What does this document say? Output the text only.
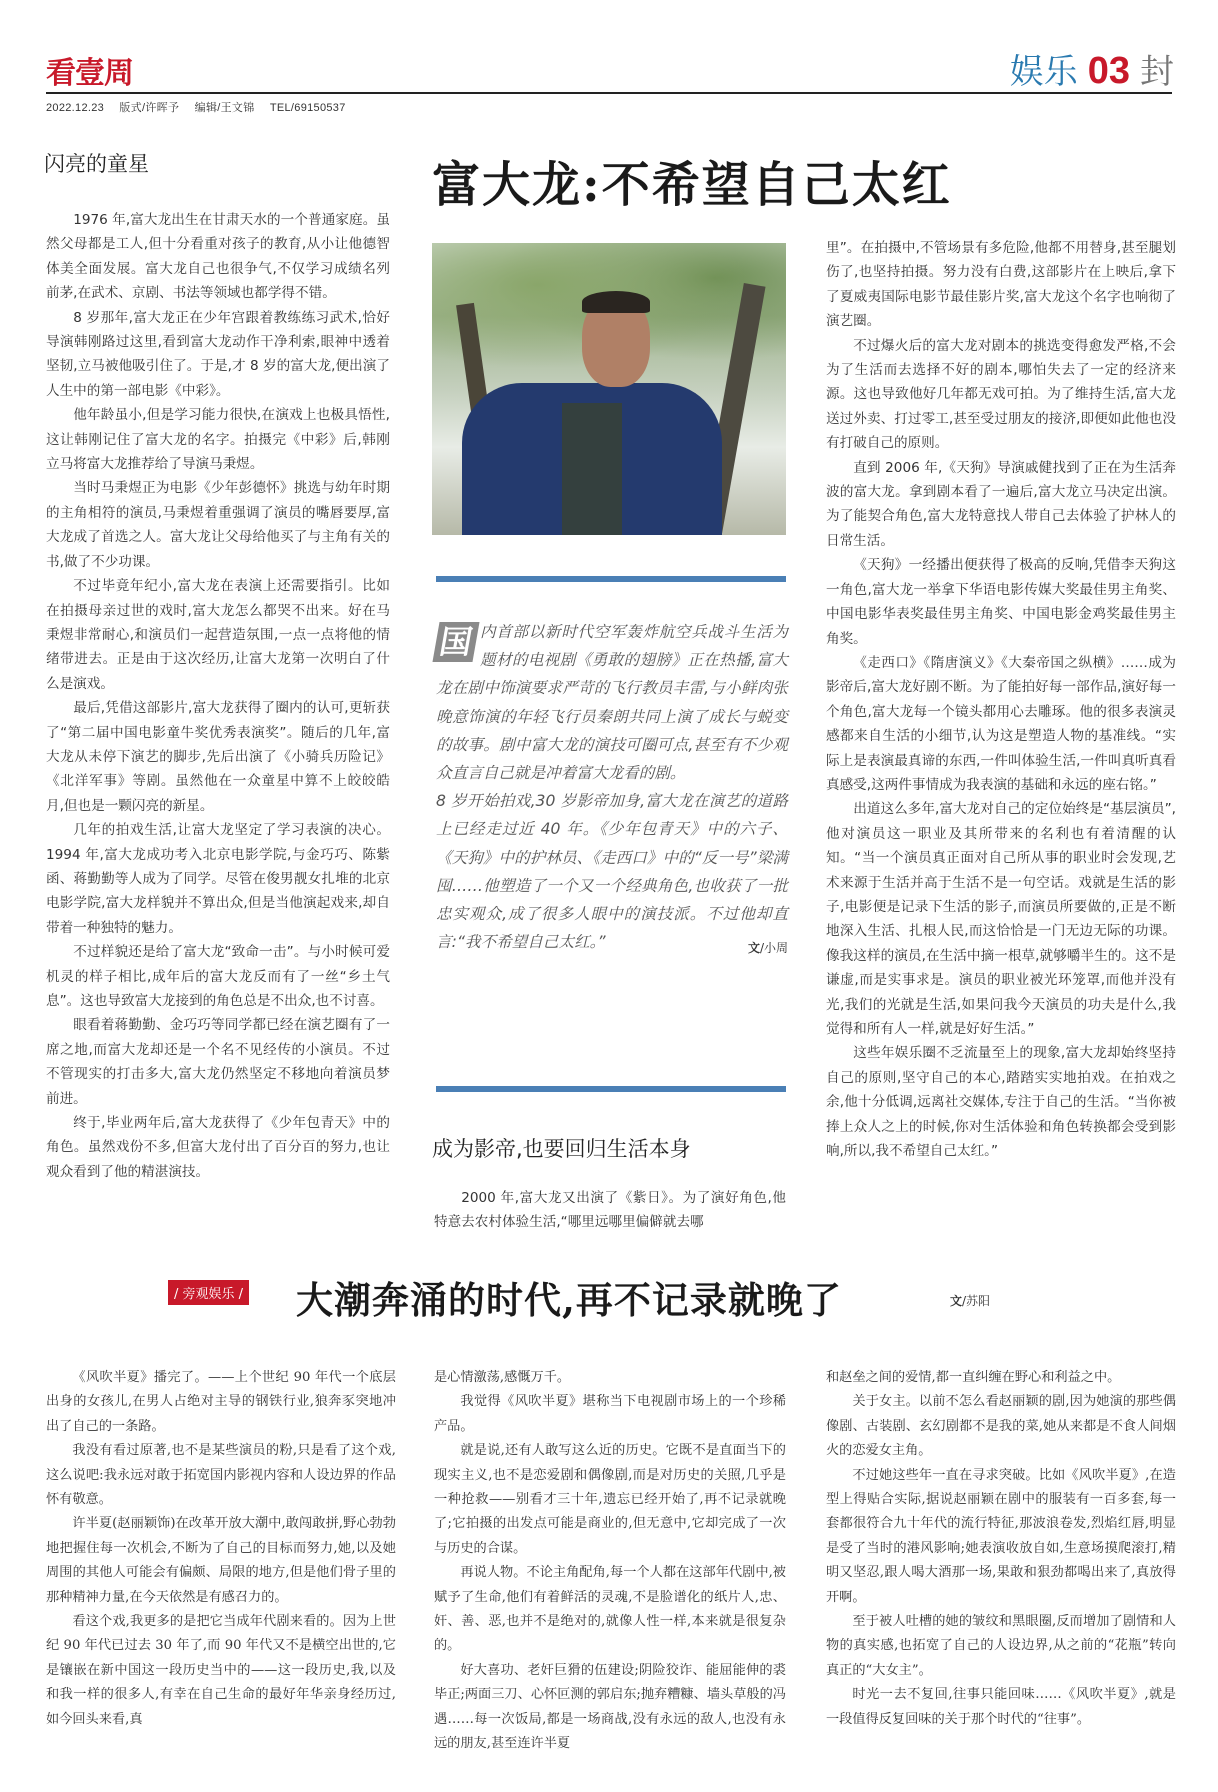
看壹周	娱乐 03 封
2022.12.23 版式/许晖予 编辑/王文锦 TEL/69150537
闪亮的童星

1976 年,富大龙出生在甘肃天水的一个普通家庭。虽然父母都是工人,但十分看重对孩子的教育,从小让他德智体美全面发展。富大龙自己也很争气,不仅学习成绩名列前茅,在武术、京剧、书法等领域也都学得不错。

8 岁那年,富大龙正在少年宫跟着教练练习武术,恰好导演韩刚路过这里,看到富大龙动作干净利索,眼神中透着坚韧,立马被他吸引住了。于是,才 8 岁的富大龙,便出演了人生中的第一部电影《中彩》。

他年龄虽小,但是学习能力很快,在演戏上也极具悟性,这让韩刚记住了富大龙的名字。拍摄完《中彩》后,韩刚立马将富大龙推荐给了导演马秉煜。

当时马秉煜正为电影《少年彭德怀》挑选与幼年时期的主角相符的演员,马秉煜着重强调了演员的嘴唇要厚,富大龙成了首选之人。富大龙让父母给他买了与主角有关的书,做了不少功课。

不过毕竟年纪小,富大龙在表演上还需要指引。比如在拍摄母亲过世的戏时,富大龙怎么都哭不出来。好在马秉煜非常耐心,和演员们一起营造氛围,一点一点将他的情绪带进去。正是由于这次经历,让富大龙第一次明白了什么是演戏。

最后,凭借这部影片,富大龙获得了圈内的认可,更斩获了“第二届中国电影童牛奖优秀表演奖”。随后的几年,富大龙从未停下演艺的脚步,先后出演了《小骑兵历险记》《北洋军事》等剧。虽然他在一众童星中算不上皎皎皓月,但也是一颗闪亮的新星。

几年的拍戏生活,让富大龙坚定了学习表演的决心。1994 年,富大龙成功考入北京电影学院,与金巧巧、陈紫函、蒋勤勤等人成为了同学。尽管在俊男靓女扎堆的北京电影学院,富大龙样貌并不算出众,但是当他演起戏来,却自带着一种独特的魅力。

不过样貌还是给了富大龙“致命一击”。与小时候可爱机灵的样子相比,成年后的富大龙反而有了一丝“乡土气息”。这也导致富大龙接到的角色总是不出众,也不讨喜。

眼看着蒋勤勤、金巧巧等同学都已经在演艺圈有了一席之地,而富大龙却还是一个名不见经传的小演员。不过不管现实的打击多大,富大龙仍然坚定不移地向着演员梦前进。

终于,毕业两年后,富大龙获得了《少年包青天》中的角色。虽然戏份不多,但富大龙付出了百分百的努力,也让观众看到了他的精湛演技。

富大龙:不希望自己太红

国 内首部以新时代空军轰炸航空兵战斗生活为题材的电视剧《勇敢的翅膀》正在热播,富大龙在剧中饰演要求严苛的飞行教员丰雷,与小鲜肉张晚意饰演的年轻飞行员秦朗共同上演了成长与蜕变的故事。剧中富大龙的演技可圈可点,甚至有不少观众直言自己就是冲着富大龙看的剧。

8 岁开始拍戏,30 岁影帝加身,富大龙在演艺的道路上已经走过近 40 年。《少年包青天》中的六子、《天狗》中的护林员、《走西口》中的“反一号”梁满囤……他塑造了一个又一个经典角色,也收获了一批忠实观众,成了很多人眼中的演技派。不过他却直言:“我不希望自己太红。”	文/小周
成为影帝,也要回归生活本身

2000 年,富大龙又出演了《紫日》。为了演好角色,他特意去农村体验生活,“哪里远哪里偏僻就去哪

里”。在拍摄中,不管场景有多危险,他都不用替身,甚至腿划伤了,也坚持拍摄。努力没有白费,这部影片在上映后,拿下了夏威夷国际电影节最佳影片奖,富大龙这个名字也响彻了演艺圈。

不过爆火后的富大龙对剧本的挑选变得愈发严格,不会为了生活而去选择不好的剧本,哪怕失去了一定的经济来源。这也导致他好几年都无戏可拍。为了维持生活,富大龙送过外卖、打过零工,甚至受过朋友的接济,即便如此他也没有打破自己的原则。

直到 2006 年,《天狗》导演戚健找到了正在为生活奔波的富大龙。拿到剧本看了一遍后,富大龙立马决定出演。为了能契合角色,富大龙特意找人带自己去体验了护林人的日常生活。

《天狗》一经播出便获得了极高的反响,凭借李天狗这一角色,富大龙一举拿下华语电影传媒大奖最佳男主角奖、中国电影华表奖最佳男主角奖、中国电影金鸡奖最佳男主角奖。

《走西口》《隋唐演义》《大秦帝国之纵横》……成为影帝后,富大龙好剧不断。为了能拍好每一部作品,演好每一个角色,富大龙每一个镜头都用心去雕琢。他的很多表演灵感都来自生活的小细节,认为这是塑造人物的基准线。“实际上是表演最真谛的东西,一件叫体验生活,一件叫真听真看真感受,这两件事情成为我表演的基础和永远的座右铭。”

出道这么多年,富大龙对自己的定位始终是“基层演员”,他对演员这一职业及其所带来的名利也有着清醒的认知。“当一个演员真正面对自己所从事的职业时会发现,艺术来源于生活并高于生活不是一句空话。戏就是生活的影子,电影便是记录下生活的影子,而演员所要做的,正是不断地深入生活、扎根人民,而这恰恰是一门无边无际的功课。像我这样的演员,在生活中摘一根草,就够嚼半生的。这不是谦虚,而是实事求是。演员的职业被光环笼罩,而他并没有光,我们的光就是生活,如果问我今天演员的功夫是什么,我觉得和所有人一样,就是好好生活。”

这些年娱乐圈不乏流量至上的现象,富大龙却始终坚持自己的原则,坚守自己的本心,踏踏实实地拍戏。在拍戏之余,他十分低调,远离社交媒体,专注于自己的生活。“当你被捧上众人之上的时候,你对生活体验和角色转换都会受到影响,所以,我不希望自己太红。”

/ 旁观娱乐 / 大潮奔涌的时代,再不记录就晚了	文/苏阳

《风吹半夏》播完了。——上个世纪 90 年代一个底层出身的女孩儿,在男人占绝对主导的钢铁行业,狼奔豕突地冲出了自己的一条路。

我没有看过原著,也不是某些演员的粉,只是看了这个戏,这么说吧:我永远对敢于拓宽国内影视内容和人设边界的作品怀有敬意。

许半夏(赵丽颖饰)在改革开放大潮中,敢闯敢拼,野心勃勃地把握住每一次机会,不断为了自己的目标而努力,她,以及她周围的其他人可能会有偏颇、局限的地方,但是他们骨子里的那种精神力量,在今天依然是有感召力的。

看这个戏,我更多的是把它当成年代剧来看的。因为上世纪 90 年代已过去 30 年了,而 90 年代又不是横空出世的,它是镶嵌在新中国这一段历史当中的——这一段历史,我,以及和我一样的很多人,有幸在自己生命的最好年华亲身经历过,如今回头来看,真

是心情激荡,感慨万千。

我觉得《风吹半夏》堪称当下电视剧市场上的一个珍稀产品。

就是说,还有人敢写这么近的历史。它既不是直面当下的现实主义,也不是恋爱剧和偶像剧,而是对历史的关照,几乎是一种抢救——别看才三十年,遗忘已经开始了,再不记录就晚了;它拍摄的出发点可能是商业的,但无意中,它却完成了一次与历史的合谋。

再说人物。不论主角配角,每一个人都在这部年代剧中,被赋予了生命,他们有着鲜活的灵魂,不是脸谱化的纸片人,忠、奸、善、恶,也并不是绝对的,就像人性一样,本来就是很复杂的。

好大喜功、老奸巨猾的伍建设;阴险狡诈、能屈能伸的裘毕正;两面三刀、心怀叵测的郭启东;抛弃糟糠、墙头草般的冯遇……每一次饭局,都是一场商战,没有永远的敌人,也没有永远的朋友,甚至连许半夏

和赵垒之间的爱情,都一直纠缠在野心和利益之中。

关于女主。以前不怎么看赵丽颖的剧,因为她演的那些偶像剧、古装剧、玄幻剧都不是我的菜,她从来都是不食人间烟火的恋爱女主角。

不过她这些年一直在寻求突破。比如《风吹半夏》,在造型上得贴合实际,据说赵丽颖在剧中的服装有一百多套,每一套都很符合九十年代的流行特征,那波浪卷发,烈焰红唇,明显是受了当时的港风影响;她表演收放自如,生意场摸爬滚打,精明又坚忍,跟人喝大酒那一场,果敢和狠劲都喝出来了,真放得开啊。

至于被人吐槽的她的皱纹和黑眼圈,反而增加了剧情和人物的真实感,也拓宽了自己的人设边界,从之前的“花瓶”转向真正的“大女主”。

时光一去不复回,往事只能回味……《风吹半夏》,就是一段值得反复回味的关于那个时代的“往事”。
